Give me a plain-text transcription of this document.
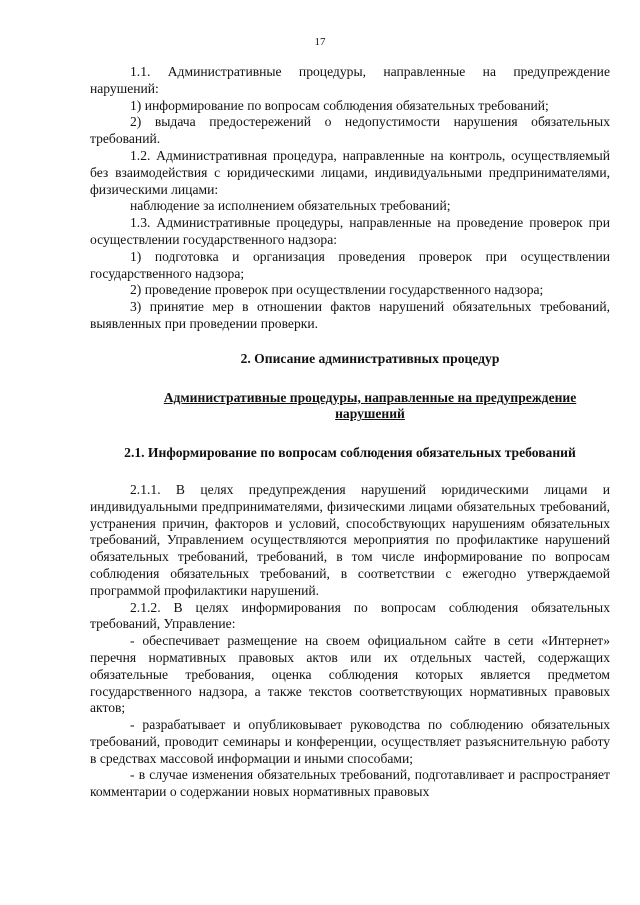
17

1.1. Административные процедуры, направленные на предупреждение нарушений:

1) информирование по вопросам соблюдения обязательных требований;

2) выдача предостережений о недопустимости нарушения обязательных требований.

1.2. Административная процедура, направленные на контроль, осуществляемый без взаимодействия с юридическими лицами, индивидуальными предпринимателями, физическими лицами:

наблюдение за исполнением обязательных требований;

1.3. Административные процедуры, направленные на проведение проверок при осуществлении государственного надзора:

1) подготовка и организация проведения проверок при осуществлении государственного надзора;

2) проведение проверок при осуществлении государственного надзора;

3) принятие мер в отношении фактов нарушений обязательных требований, выявленных при проведении проверки.

2. Описание административных процедур
Административные процедуры, направленные на предупреждение нарушений
2.1. Информирование по вопросам соблюдения обязательных требований

2.1.1. В целях предупреждения нарушений юридическими лицами и индивидуальными предпринимателями, физическими лицами обязательных требований, устранения причин, факторов и условий, способствующих нарушениям обязательных требований, Управлением осуществляются мероприятия по профилактике нарушений обязательных требований, требований, в том числе информирование по вопросам соблюдения обязательных требований, в соответствии с ежегодно утверждаемой программой профилактики нарушений.

2.1.2. В целях информирования по вопросам соблюдения обязательных требований, Управление:

- обеспечивает размещение на своем официальном сайте в сети «Интернет» перечня нормативных правовых актов или их отдельных частей, содержащих обязательные требования, оценка соблюдения которых является предметом государственного надзора, а также текстов соответствующих нормативных правовых актов;

- разрабатывает и опубликовывает руководства по соблюдению обязательных требований, проводит семинары и конференции, осуществляет разъяснительную работу в средствах массовой информации и иными способами;

- в случае изменения обязательных требований, подготавливает и распространяет комментарии о содержании новых нормативных правовых
